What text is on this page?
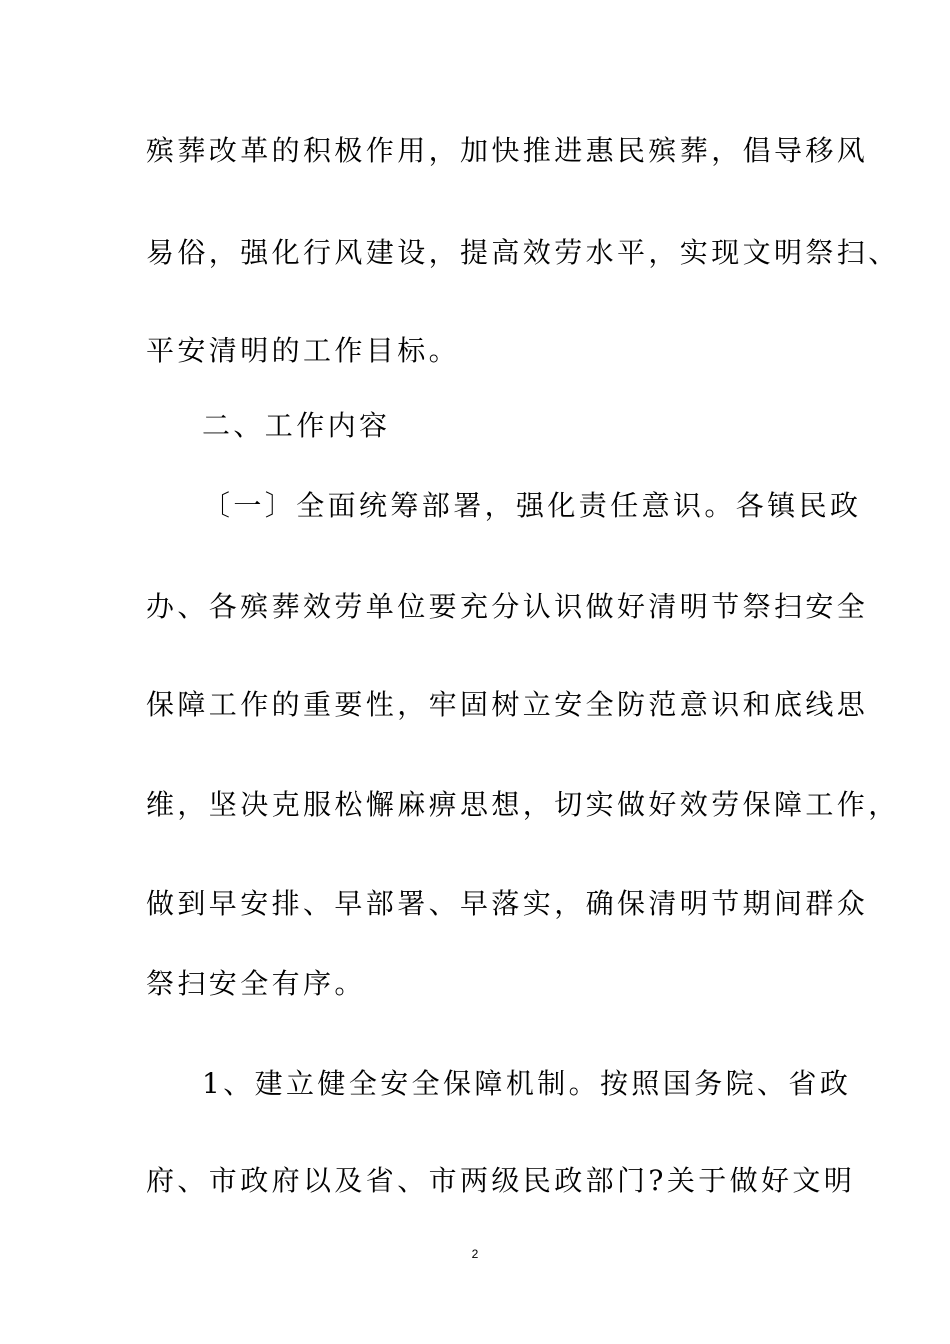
殡葬改革的积极作用，加快推进惠民殡葬，倡导移风
易俗，强化行风建设，提高效劳水平，实现文明祭扫、
平安清明的工作目标。
二、工作内容
〔一〕全面统筹部署，强化责任意识。各镇民政
办、各殡葬效劳单位要充分认识做好清明节祭扫安全
保障工作的重要性，牢固树立安全防范意识和底线思
维，坚决克服松懈麻痹思想，切实做好效劳保障工作，
做到早安排、早部署、早落实，确保清明节期间群众
祭扫安全有序。
1、建立健全安全保障机制。按照国务院、省政
府、市政府以及省、市两级民政部门?关于做好文明
2
